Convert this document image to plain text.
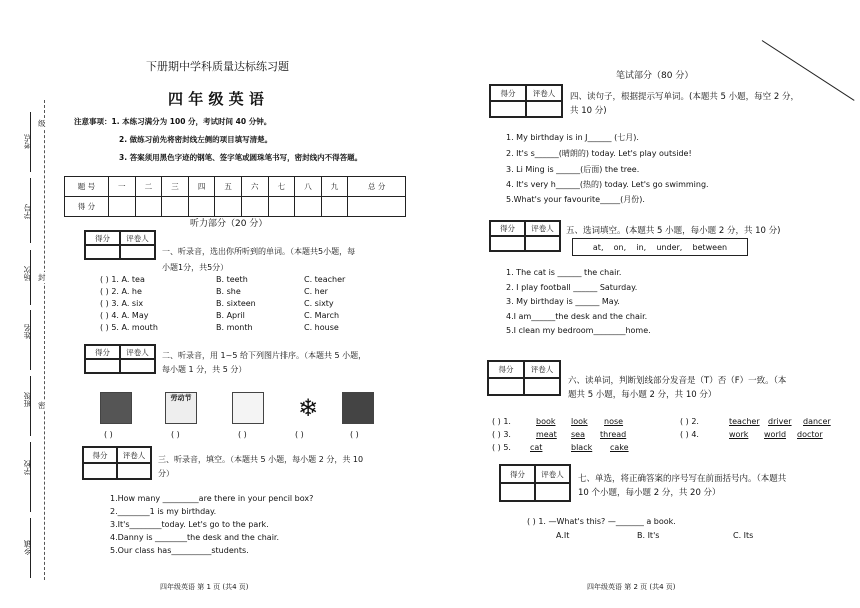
考点
学号
场次
姓名
班级
学校
乡镇
级
封
密
下册期中学科质量达标练习题
四 年 级 英 语
注意事项：1. 本练习满分为 100 分，考试时间 40 分钟。
2. 做练习前先将密封线左侧的项目填写清楚。
3. 答案须用黑色字迹的钢笔、签字笔或圆珠笔书写，密封线内不得答题。
题 号	一	二	三	四	五	六	七	八	九	总 分
得 分										
听力部分（20 分）
得分	评卷人
一、听录音，选出你所听到的单词。（本题共5小题，每
小题1分，共5分）
( ) 1. A. tea	B. teeth	C. teacher
( ) 2. A. he	B. she	C. her
( ) 3. A. six	B. sixteen	C. sixty
( ) 4. A. May	B. April	C. March
( ) 5. A. mouth	B. month	C. house
得分	评卷人	二、听录音，用 1~5 给下列图片排序。（本题共 5 小题，
每小题 1 分，共 5 分）
劳动节	❄
( )	( )	( )	( )	( )
得分	评卷人	三、听录音，填空。（本题共 5 小题，每小题 2 分，共 10
分）
1.How many _________are there in your pencil box?
2.________1 is my birthday.
3.It's________today. Let's go to the park.
4.Danny is ________the desk and the chair.
5.Our class has__________students.
四年级英语 第 1 页 (共4 页)
笔试部分（80 分）
得分	评卷人	四、读句子，根据提示写单词。(本题共 5 小题，每空 2 分，
共 10 分)
1. My birthday is in J______ (七月).
2. It's s______(晴朗的) today. Let's play outside!
3. Li Ming is ______(后面) the tree.
4. It's very h______(热的) today. Let's go swimming.
5.What's your favourite_____(月份).
得分	评卷人	五、选词填空。(本题共 5 小题，每小题 2 分，共 10 分)
at,    on,    in,    under,    between
1. The cat is ______ the chair.
2. I play football ______ Saturday.
3. My birthday is ______ May.
4.I am______the desk and the chair.
5.I clean my bedroom________home.
得分	评卷人
六、读单词，判断划线部分发音是（T）否（F）一致。（本
题共 5 小题，每小题 2 分，共 10 分）
( ) 1.	book look nose
( ) 3.	meat sea thread
( ) 5. cat	black cake
( ) 2.	teacher driver dancer
( ) 4.	work world doctor
得分	评卷人	七、单选，将正确答案的序号写在前面括号内。（本题共
10 个小题，每小题 2 分，共 20 分）
( ) 1. —What's this? —_______ a book.
A.It	B. It's	C. Its
四年级英语 第 2 页 (共4 页)
